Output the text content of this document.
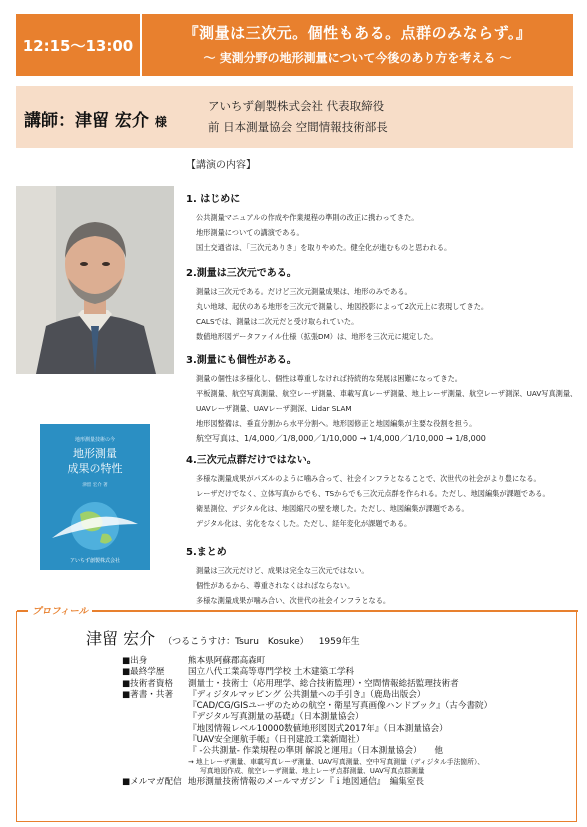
12:15～13:00
『測量は三次元。個性もある。点群のみならず。』
～ 実測分野の地形測量について今後のあり方を考える ～
講師：津留 宏介 様
アいちず創製株式会社 代表取締役
前 日本測量協会 空間情報技術部長
【講演の内容】
地形測量技術の今
地形測量
成果の特性
津留 宏介 著
アいちず創製株式会社
1. はじめに
公共測量マニュアルの作成や作業規程の準則の改正に携わってきた。
地形測量についての講演である。
国土交通省は、「三次元ありき」を取りやめた。健全化が進むものと思われる。
2.測量は三次元である。
測量は三次元である。だけど三次元測量成果は、地形のみである。
丸い地球、起伏のある地形を三次元で測量し、地図投影によって2次元上に表現してきた。
CALSでは、測量は二次元だと受け取られていた。
数値地形図データファイル仕様（拡張DM）は、地形を三次元に規定した。
3.測量にも個性がある。
測量の個性は多様化し、個性は尊重しなければ持続的な発展は困難になってきた。
平板測量、航空写真測量、航空レーザ測量、車載写真レーザ測量、地上レーザ測量、航空レーザ測深、UAV写真測量、
UAVレーザ測量、UAVレーザ測深、Lidar SLAM
地形図整備は、垂直分割から水平分割へ。地形図修正と地図編集が主要な役割を担う。
航空写真は、1/4,000／1/8,000／1/10,000 → 1/4,000／1/10,000 → 1/8,000
4.三次元点群だけではない。
多様な測量成果がパズルのように噛み合って、社会インフラとなることで、次世代の社会がより豊になる。
レーザだけでなく、立体写真からでも、TSからでも三次元点群を作られる。ただし、地図編集が課題である。
衛星測位、デジタル化は、地図縮尺の壁を壊した。ただし、地図編集が課題である。
デジタル化は、劣化をなくした。ただし、経年変化が課題である。
5.まとめ
測量は三次元だけど、成果は完全な三次元ではない。
個性があるから、尊重されなくはればならない。
多様な測量成果が噛み合い、次世代の社会インフラとなる。
プロフィール
津留 宏介 （つるこうすけ：Tsuru　Kosuke） 1959年生
■出身	熊本県阿蘇郡高森町
■最終学歴	国立八代工業高等専門学校 土木建築工学科
■技術者資格	測量士・技術士（応用理学、総合技術監理）・空間情報総括監理技術者
■著書・共著	『ディジタルマッピング 公共測量への手引き』（鹿島出版会）
『CAD/CG/GISユーザのための航空・衛星写真画像ハンドブック』（古今書院）
『デジタル写真測量の基礎』（日本測量協会）
『地図情報レベル10000数値地形図図式2017年』（日本測量協会）
『UAV安全運航手帳』（日刊建設工業新聞社）
『 -公共測量- 作業規程の準則 解説と運用』（日本測量協会）　　他
→ 地上レーザ測量、車載写真レーザ測量、UAV写真測量、空中写真測量（ディジタル手法箇所）、
写真地図作成、航空レーザ測量、地上レーザ点群測量、UAV写真点群測量
■メルマガ配信 地形測量技術情報のメールマガジン『ｉ地図通信』　編集室長
